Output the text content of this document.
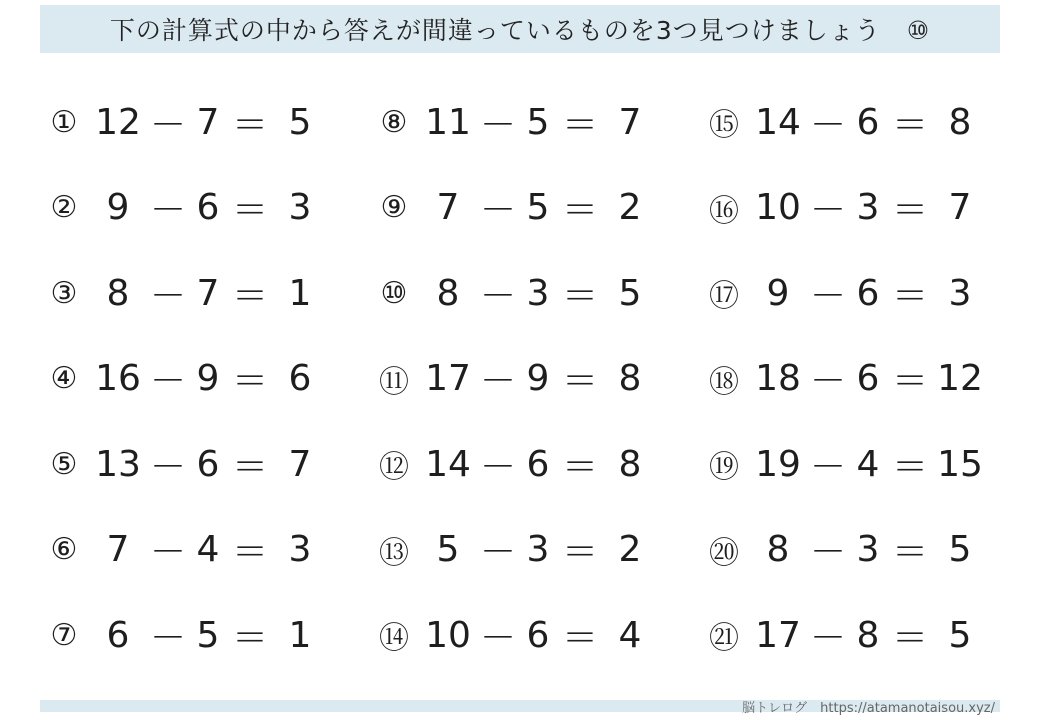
下の計算式の中から答えが間違っているものを3つ見つけましょう　⑩
① 12 － 7 ＝ 5
② 9 － 6 ＝ 3
③ 8 － 7 ＝ 1
④ 16 － 9 ＝ 6
⑤ 13 － 6 ＝ 7
⑥ 7 － 4 ＝ 3
⑦ 6 － 5 ＝ 1
⑧ 11 － 5 ＝ 7
⑨ 7 － 5 ＝ 2
⑩ 8 － 3 ＝ 5
⑪ 17 － 9 ＝ 8
⑫ 14 － 6 ＝ 8
⑬ 5 － 3 ＝ 2
⑭ 10 － 6 ＝ 4
⑮ 14 － 6 ＝ 8
⑯ 10 － 3 ＝ 7
⑰ 9 － 6 ＝ 3
⑱ 18 － 6 ＝ 12
⑲ 19 － 4 ＝ 15
⑳ 8 － 3 ＝ 5
㉑ 17 － 8 ＝ 5
脳トレログ　https://atamanotaisou.xyz/
